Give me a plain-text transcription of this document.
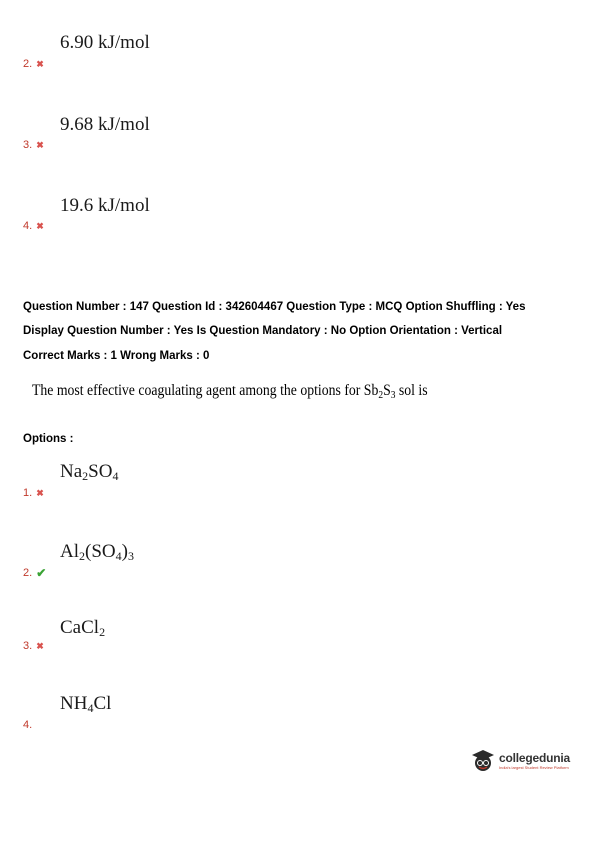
6.90 kJ/mol
2. ✖
9.68 kJ/mol
3. ✖
19.6 kJ/mol
4. ✖
Question Number : 147 Question Id : 342604467 Question Type : MCQ Option Shuffling : Yes
Display Question Number : Yes Is Question Mandatory : No Option Orientation : Vertical
Correct Marks : 1 Wrong Marks : 0
The most effective coagulating agent among the options for $Sb_2S_3$ sol is
Options :
$Na_2SO_4$
1. ✖
$Al_2(SO_4)_3$
2. ✔
CaCl$_2$
3. ✖
$NH_4Cl$
4.
collegedunia
India's largest Student Review Platform
